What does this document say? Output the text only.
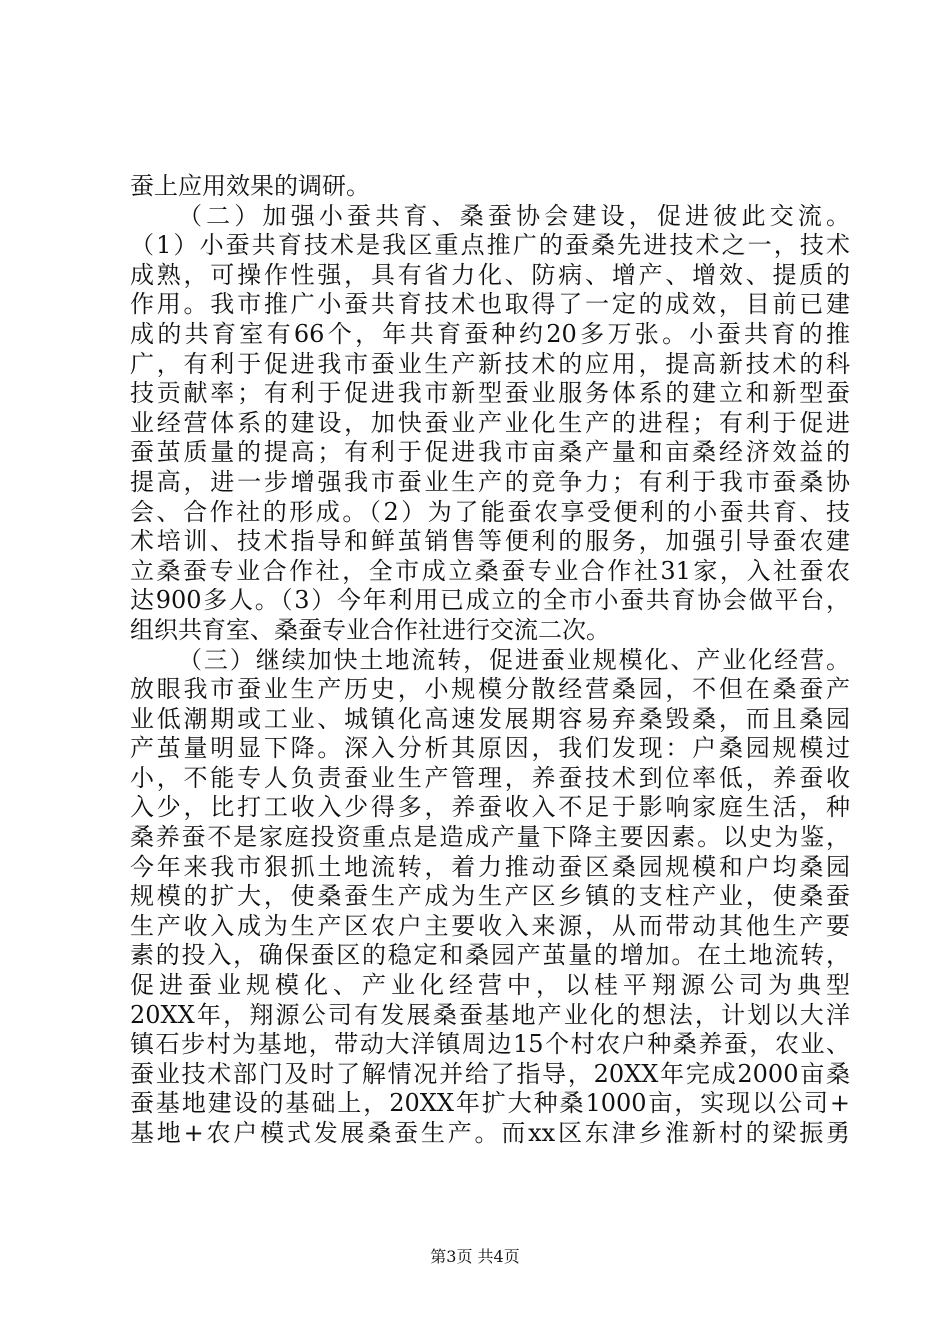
蚕上应用效果的调研。
（二）加强小蚕共育、桑蚕协会建设，促进彼此交流。
（1）小蚕共育技术是我区重点推广的蚕桑先进技术之一，技术
成熟，可操作性强，具有省力化、防病、增产、增效、提质的
作用。我市推广小蚕共育技术也取得了一定的成效，目前已建
成的共育室有66个，年共育蚕种约20多万张。小蚕共育的推
广，有利于促进我市蚕业生产新技术的应用，提高新技术的科
技贡献率；有利于促进我市新型蚕业服务体系的建立和新型蚕
业经营体系的建设，加快蚕业产业化生产的进程；有利于促进
蚕茧质量的提高；有利于促进我市亩桑产量和亩桑经济效益的
提高，进一步增强我市蚕业生产的竞争力；有利于我市蚕桑协
会、合作社的形成。（2）为了能蚕农享受便利的小蚕共育、技
术培训、技术指导和鲜茧销售等便利的服务，加强引导蚕农建
立桑蚕专业合作社，全市成立桑蚕专业合作社31家，入社蚕农
达900多人。（3）今年利用已成立的全市小蚕共育协会做平台，
组织共育室、桑蚕专业合作社进行交流二次。
（三）继续加快土地流转，促进蚕业规模化、产业化经营。
放眼我市蚕业生产历史，小规模分散经营桑园，不但在桑蚕产
业低潮期或工业、城镇化高速发展期容易弃桑毁桑，而且桑园
产茧量明显下降。深入分析其原因，我们发现：户桑园规模过
小，不能专人负责蚕业生产管理，养蚕技术到位率低，养蚕收
入少，比打工收入少得多，养蚕收入不足于影响家庭生活，种
桑养蚕不是家庭投资重点是造成产量下降主要因素。以史为鉴，
今年来我市狠抓土地流转，着力推动蚕区桑园规模和户均桑园
规模的扩大，使桑蚕生产成为生产区乡镇的支柱产业，使桑蚕
生产收入成为生产区农户主要收入来源，从而带动其他生产要
素的投入，确保蚕区的稳定和桑园产茧量的增加。在土地流转，
促进蚕业规模化、产业化经营中，以桂平翔源公司为典型
20XX年，翔源公司有发展桑蚕基地产业化的想法，计划以大洋
镇石步村为基地，带动大洋镇周边15个村农户种桑养蚕，农业、
蚕业技术部门及时了解情况并给了指导，20XX年完成2000亩桑
蚕基地建设的基础上，20XX年扩大种桑1000亩，实现以公司+
基地+农户模式发展桑蚕生产。而xx区东津乡淮新村的梁振勇
第3页 共4页
